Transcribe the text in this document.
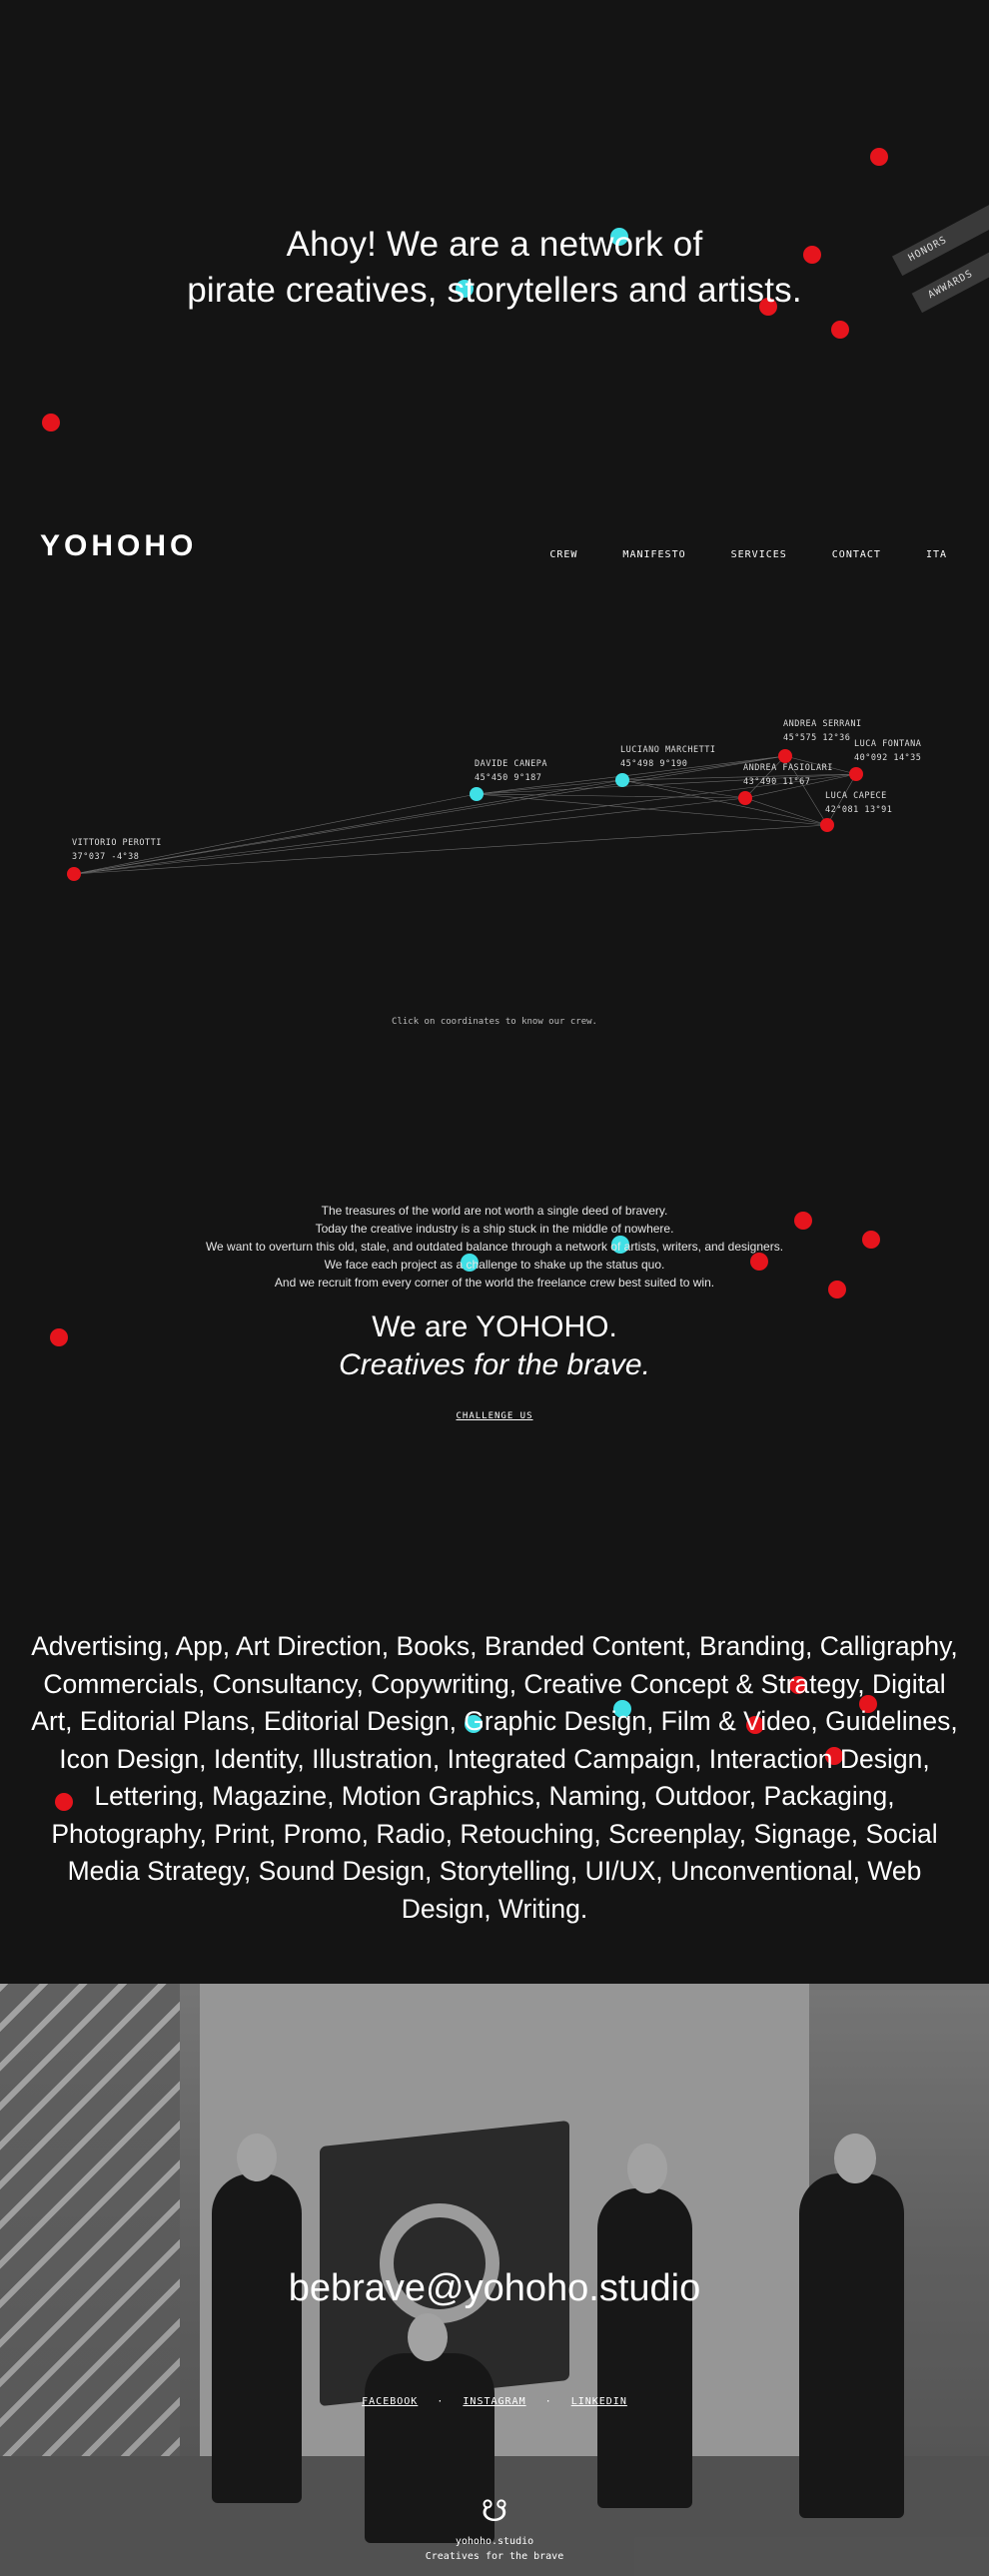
Ahoy! We are a network of
pirate creatives, storytellers and artists.
HONORS
AWWARDS
YOHOHO	CREW	MANIFESTO	SERVICES	CONTACT	ITA
VITTORIO PEROTTI
37°037 -4°38
DAVIDE CANEPA
45°450 9°187
LUCIANO MARCHETTI
45°498 9°190
ANDREA SERRANI
45°575 12°36
LUCA FONTANA
40°092 14°35
ANDREA FASIOLARI
43°490 11°67
LUCA CAPECE
42°081 13°91
Click on coordinates to know our crew.
The treasures of the world are not worth a single deed of bravery.
Today the creative industry is a ship stuck in the middle of nowhere.
We want to overturn this old, stale, and outdated balance through a network of artists, writers, and designers.
We face each project as a challenge to shake up the status quo.
And we recruit from every corner of the world the freelance crew best suited to win.
We are YOHOHO.
Creatives for the brave.
CHALLENGE US
Advertising, App, Art Direction, Books, Branded Content, Branding, Calligraphy, Commercials, Consultancy, Copywriting, Creative Concept & Strategy, Digital Art, Editorial Plans, Editorial Design, Graphic Design, Film & Video, Guidelines, Icon Design, Identity, Illustration, Integrated Campaign, Interaction Design, Lettering, Magazine, Motion Graphics, Naming, Outdoor, Packaging, Photography, Print, Promo, Radio, Retouching, Screenplay, Signage, Social Media Strategy, Sound Design, Storytelling, UI/UX, Unconventional, Web Design, Writing.
bebrave@yohoho.studio
FACEBOOK · INSTAGRAM · LINKEDIN
☋
yohoho.studio
Creatives for the brave
